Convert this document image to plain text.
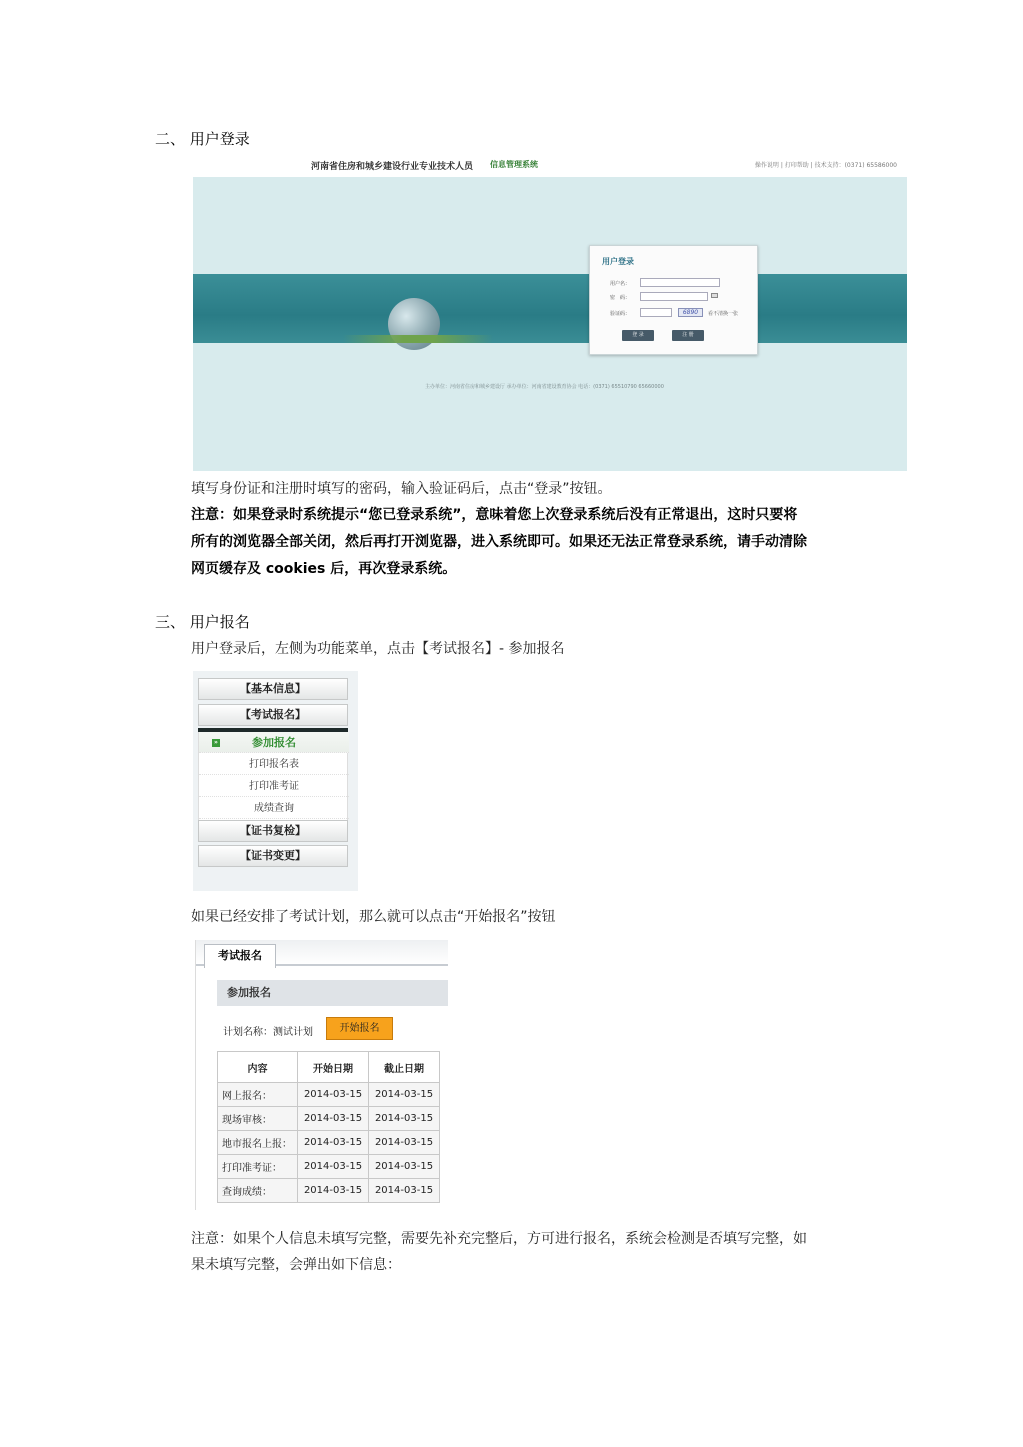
二、 用户登录
河南省住房和城乡建设行业专业技术人员 信息管理系统	操作说明 | 打印帮助 | 技术支持：(0371) 65586000
主办单位：河南省住房和城乡建设厅 承办单位：河南省建设教育协会 电话：(0371) 65510790 65660000
用户登录
用户名：
密　码：
验证码：	6890	看不清换一张
登 录	注 册
填写身份证和注册时填写的密码，输入验证码后，点击“登录”按钮。
注意：如果登录时系统提示“您已登录系统”，意味着您上次登录系统后没有正常退出，这时只要将
所有的浏览器全部关闭，然后再打开浏览器，进入系统即可。如果还无法正常登录系统，请手动清除
网页缓存及 cookies 后，再次登录系统。
三、 用户报名
用户登录后，左侧为功能菜单，点击【考试报名】- 参加报名
【基本信息】
【考试报名】
»	参加报名
打印报名表
打印准考证
成绩查询
【证书复检】
【证书变更】
如果已经安排了考试计划，那么就可以点击“开始报名”按钮
考试报名
参加报名
计划名称：测试计划	开始报名
内容	开始日期	截止日期
网上报名：	2014-03-15	2014-03-15
现场审核：	2014-03-15	2014-03-15
地市报名上报：	2014-03-15	2014-03-15
打印准考证：	2014-03-15	2014-03-15
查询成绩：	2014-03-15	2014-03-15
注意：如果个人信息未填写完整，需要先补充完整后，方可进行报名，系统会检测是否填写完整，如
果未填写完整，会弹出如下信息：
